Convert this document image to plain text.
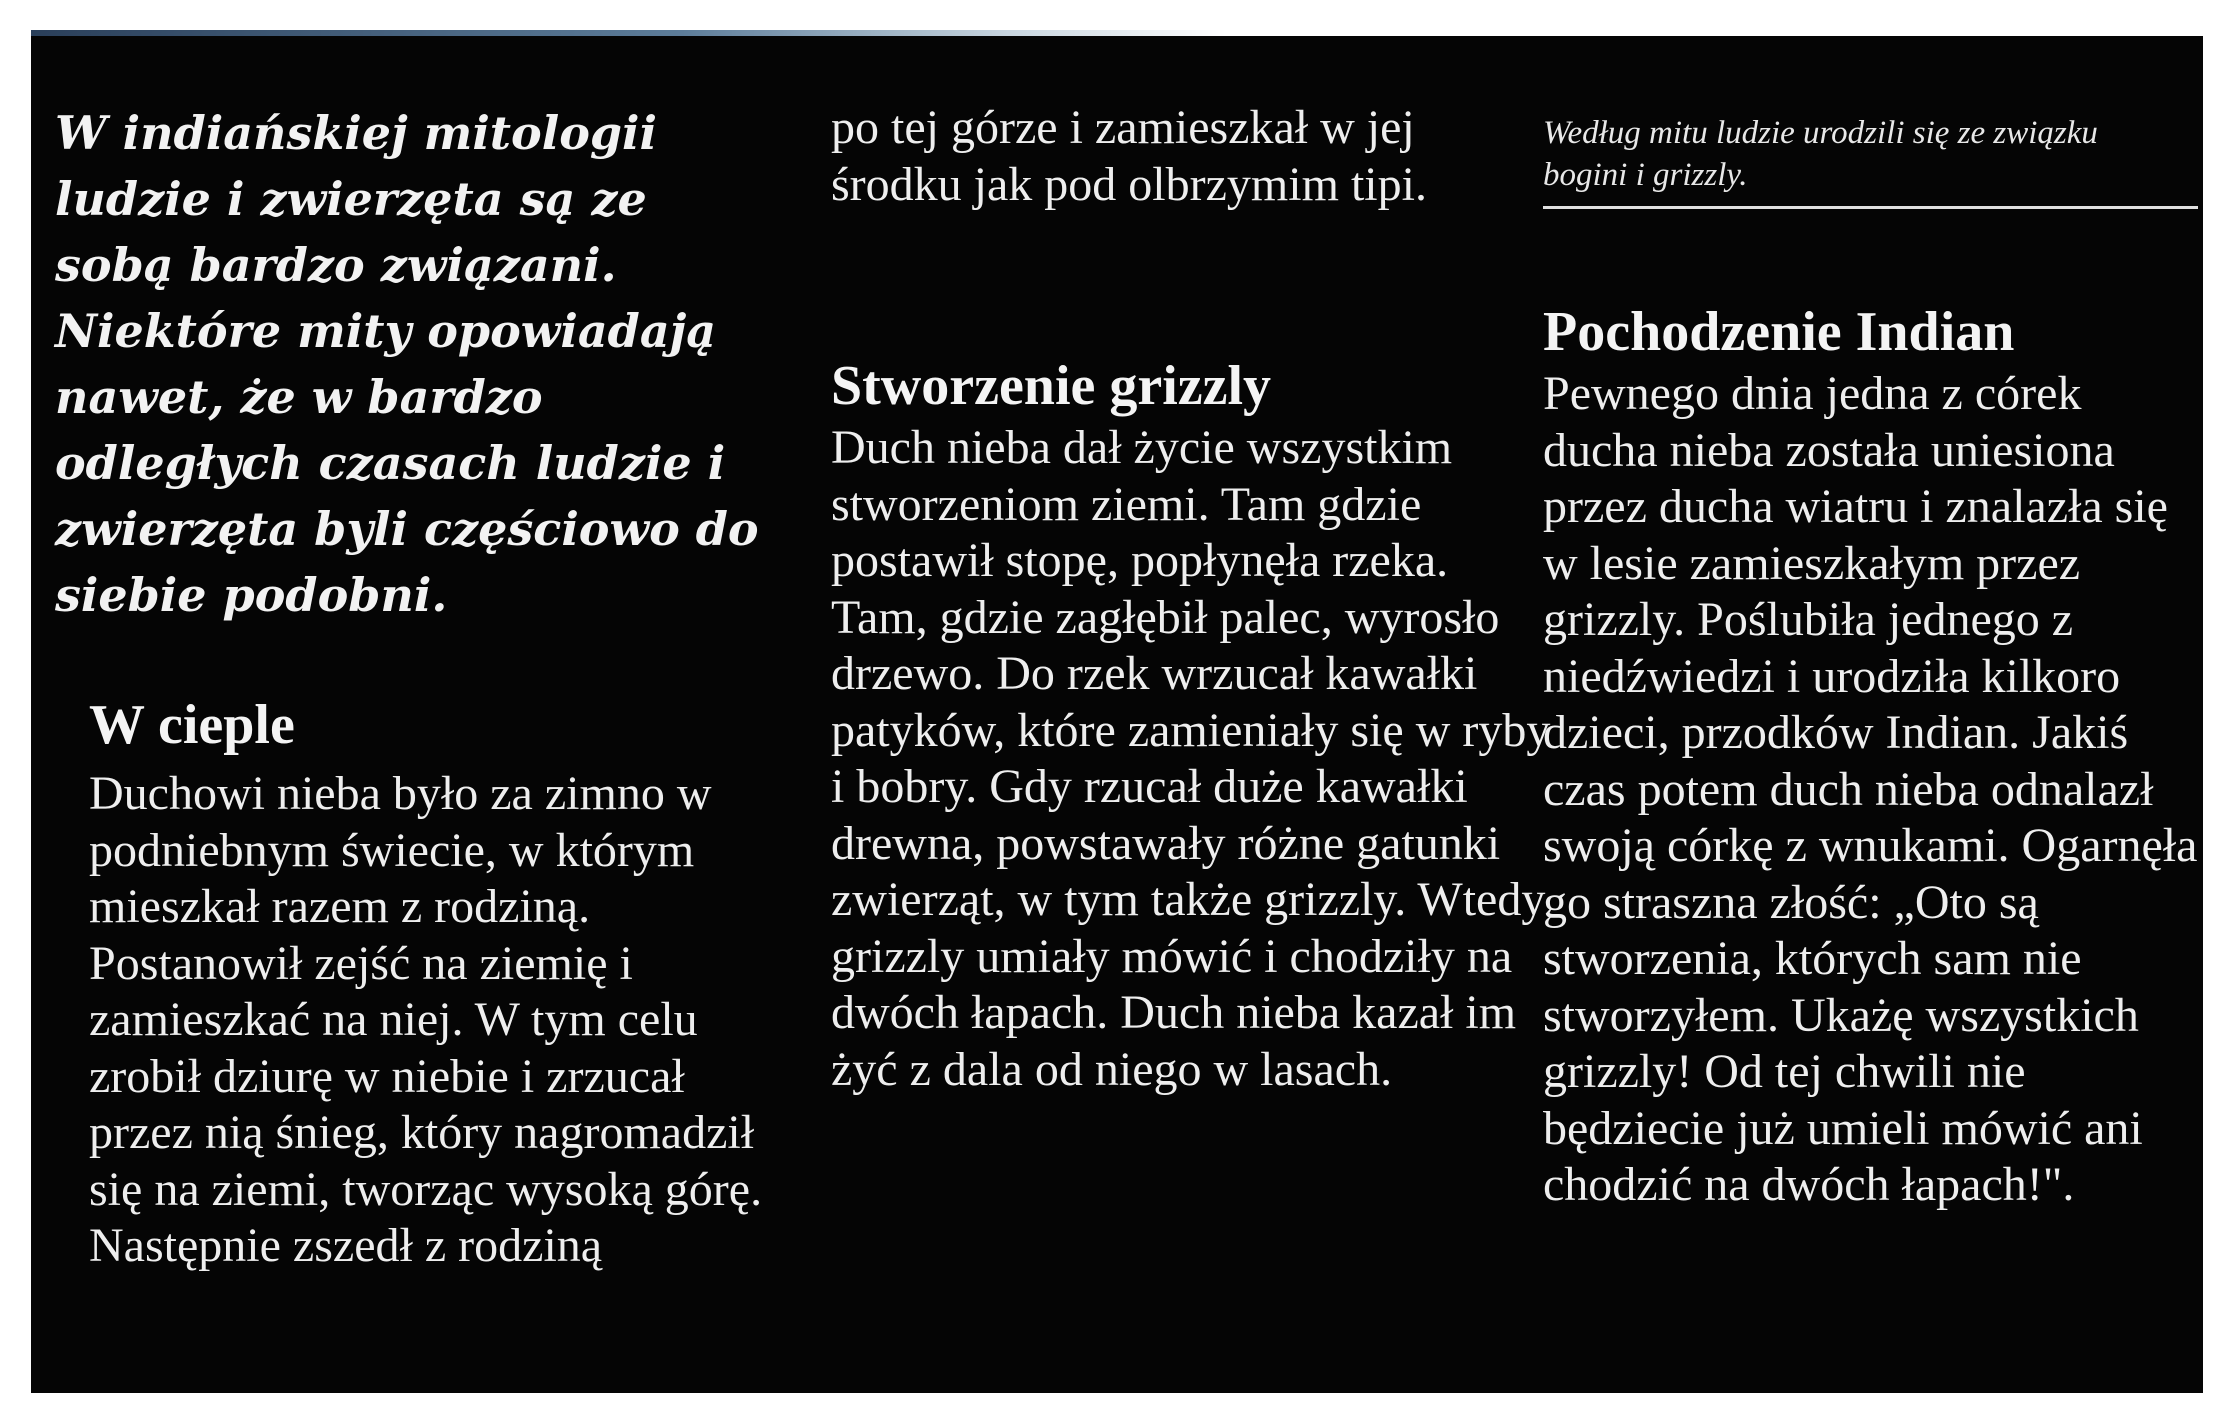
W indiańskiej mitologii ludzie i zwierzęta są ze sobą bardzo związani. Niektóre mity opowiadają nawet, że w bardzo odległych czasach ludzie i zwierzęta byli częściowo do siebie podobni.

W cieple

Duchowi nieba było za zimno w podniebnym świecie, w którym mieszkał razem z rodziną. Postanowił zejść na ziemię i zamieszkać na niej. W tym celu zrobił dziurę w niebie i zrzucał przez nią śnieg, który nagromadził się na ziemi, tworząc wysoką górę. Następnie zszedł z rodziną

po tej górze i zamieszkał w jej środku jak pod olbrzymim tipi.

Stworzenie grizzly

Duch nieba dał życie wszystkim stworzeniom ziemi. Tam gdzie postawił stopę, popłynęła rzeka. Tam, gdzie zagłębił palec, wyrosło drzewo. Do rzek wrzucał kawałki patyków, które zamieniały się w ryby i bobry. Gdy rzucał duże kawałki drewna, powstawały różne gatunki zwierząt, w tym także grizzly. Wtedy grizzly umiały mówić i chodziły na dwóch łapach. Duch nieba kazał im żyć z dala od niego w lasach.

Według mitu ludzie urodzili się ze związku bogini i grizzly.

Pochodzenie Indian

Pewnego dnia jedna z córek ducha nieba została uniesiona przez ducha wiatru i znalazła się w lesie zamieszkałym przez grizzly. Poślubiła jednego z niedźwiedzi i urodziła kilkoro dzieci, przodków Indian. Jakiś czas potem duch nieba odnalazł swoją córkę z wnukami. Ogarnęła go straszna złość: „Oto są stworzenia, których sam nie stworzyłem. Ukażę wszystkich grizzly! Od tej chwili nie będziecie już umieli mówić ani chodzić na dwóch łapach!".
